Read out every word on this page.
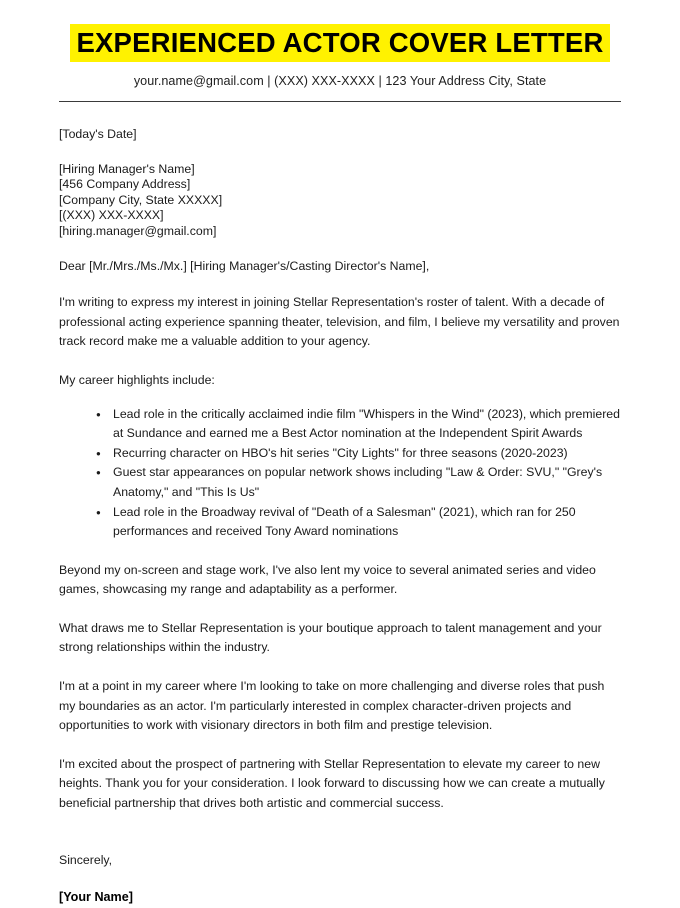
EXPERIENCED ACTOR COVER LETTER
your.name@gmail.com | (XXX) XXX-XXXX | 123 Your Address City, State
[Today's Date]
[Hiring Manager's Name]
[456 Company Address]
[Company City, State XXXXX]
[(XXX) XXX-XXXX]
[hiring.manager@gmail.com]
Dear [Mr./Mrs./Ms./Mx.] [Hiring Manager's/Casting Director's Name],

I'm writing to express my interest in joining Stellar Representation's roster of talent. With a decade of professional acting experience spanning theater, television, and film, I believe my versatility and proven track record make me a valuable addition to your agency.

My career highlights include:

● Lead role in the critically acclaimed indie film "Whispers in the Wind" (2023), which premiered at Sundance and earned me a Best Actor nomination at the Independent Spirit Awards
● Recurring character on HBO's hit series "City Lights" for three seasons (2020-2023)
● Guest star appearances on popular network shows including "Law & Order: SVU," "Grey's Anatomy," and "This Is Us"
● Lead role in the Broadway revival of "Death of a Salesman" (2021), which ran for 250 performances and received Tony Award nominations

Beyond my on-screen and stage work, I've also lent my voice to several animated series and video games, showcasing my range and adaptability as a performer.

What draws me to Stellar Representation is your boutique approach to talent management and your strong relationships within the industry.

I'm at a point in my career where I'm looking to take on more challenging and diverse roles that push my boundaries as an actor. I'm particularly interested in complex character-driven projects and opportunities to work with visionary directors in both film and prestige television.

I'm excited about the prospect of partnering with Stellar Representation to elevate my career to new heights. Thank you for your consideration. I look forward to discussing how we can create a mutually beneficial partnership that drives both artistic and commercial success.

Sincerely,
[Your Name]
